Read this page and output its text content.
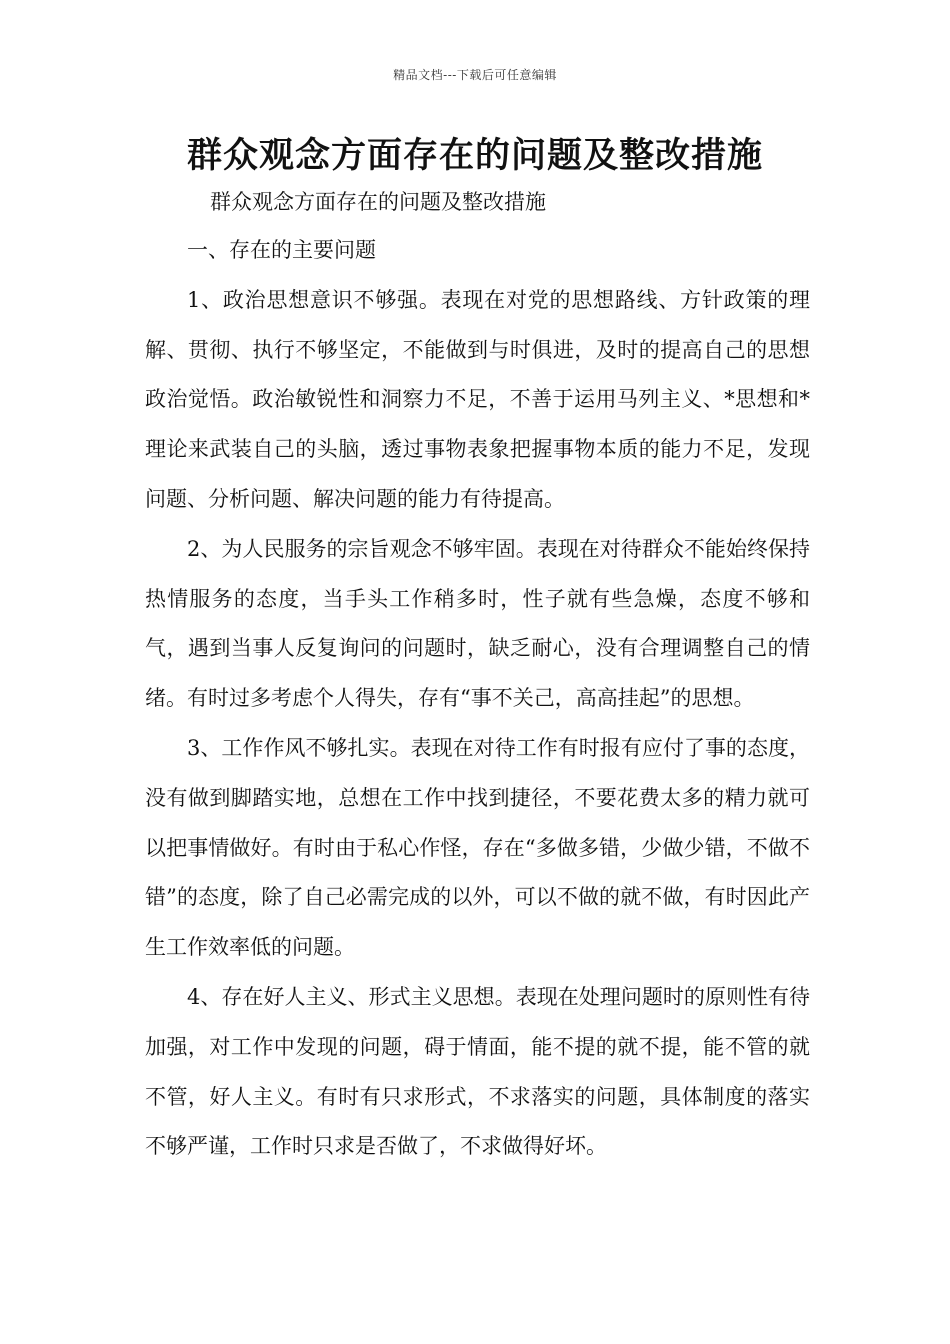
精品文档---下载后可任意编辑
群众观念方面存在的问题及整改措施
群众观念方面存在的问题及整改措施

一、存在的主要问题

1、政治思想意识不够强。表现在对党的思想路线、方针政策的理解、贯彻、执行不够坚定，不能做到与时俱进，及时的提高自己的思想政治觉悟。政治敏锐性和洞察力不足，不善于运用马列主义、*思想和*理论来武装自己的头脑，透过事物表象把握事物本质的能力不足，发现问题、分析问题、解决问题的能力有待提高。

2、为人民服务的宗旨观念不够牢固。表现在对待群众不能始终保持热情服务的态度，当手头工作稍多时，性子就有些急燥，态度不够和气，遇到当事人反复询问的问题时，缺乏耐心，没有合理调整自己的情绪。有时过多考虑个人得失，存有“事不关己，高高挂起”的思想。

3、工作作风不够扎实。表现在对待工作有时报有应付了事的态度，没有做到脚踏实地，总想在工作中找到捷径，不要花费太多的精力就可以把事情做好。有时由于私心作怪，存在“多做多错，少做少错，不做不错”的态度，除了自己必需完成的以外，可以不做的就不做，有时因此产生工作效率低的问题。

4、存在好人主义、形式主义思想。表现在处理问题时的原则性有待加强，对工作中发现的问题，碍于情面，能不提的就不提，能不管的就不管，好人主义。有时有只求形式，不求落实的问题，具体制度的落实不够严谨，工作时只求是否做了，不求做得好坏。
